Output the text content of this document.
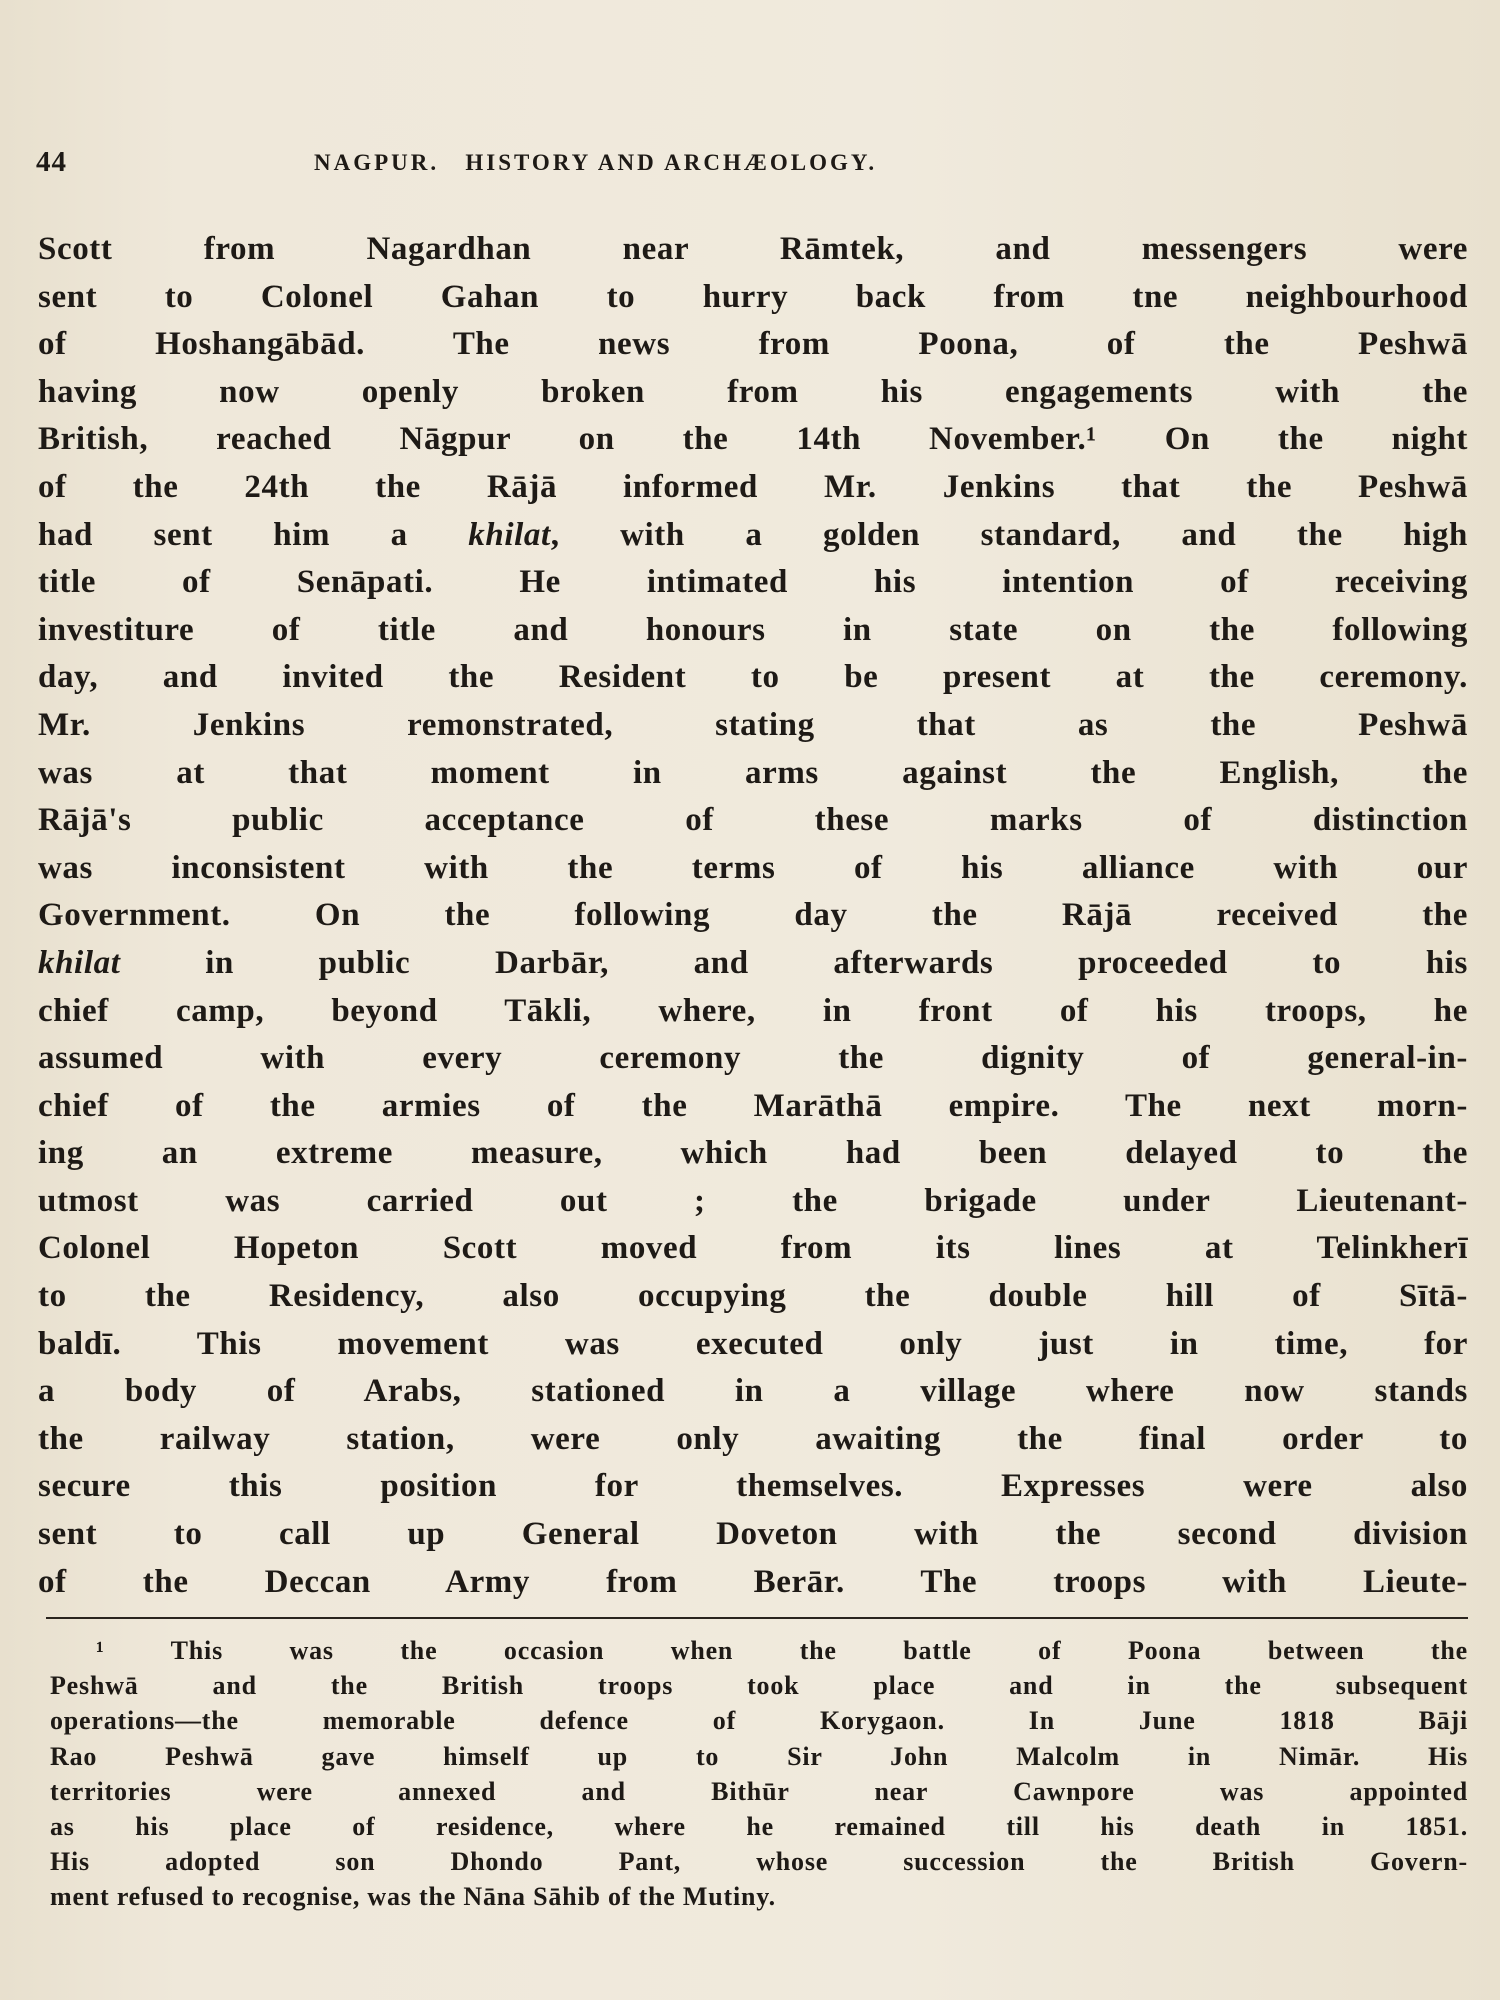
44	NAGPUR.   HISTORY AND ARCHÆOLOGY.
Scott from Nagardhan near Rāmtek, and messengers were
sent to Colonel Gahan to hurry back from tne neighbourhood
of Hoshangābād. The news from Poona, of the Peshwā
having now openly broken from his engagements with the
British, reached Nāgpur on the 14th November.¹ On the night
of the 24th the Rājā informed Mr. Jenkins that the Peshwā
had sent him a khilat, with a golden standard, and the high
title of Senāpati. He intimated his intention of receiving
investiture of title and honours in state on the following
day, and invited the Resident to be present at the ceremony.
Mr. Jenkins remonstrated, stating that as the Peshwā
was at that moment in arms against the English, the
Rājā's public acceptance of these marks of distinction
was inconsistent with the terms of his alliance with our
Government. On the following day the Rājā received the
khilat in public Darbār, and afterwards proceeded to his
chief camp, beyond Tākli, where, in front of his troops, he
assumed with every ceremony the dignity of general-in-
chief of the armies of the Marāthā empire. The next morn-
ing an extreme measure, which had been delayed to the
utmost was carried out ; the brigade under Lieutenant-
Colonel Hopeton Scott moved from its lines at Telinkherī
to the Residency, also occupying the double hill of Sītā-
baldī. This movement was executed only just in time, for
a body of Arabs, stationed in a village where now stands
the railway station, were only awaiting the final order to
secure this position for themselves. Expresses were also
sent to call up General Doveton with the second division
of the Deccan Army from Berār. The troops with Lieute-
¹ This was the occasion when the battle of Poona between the
Peshwā and the British troops took place and in the subsequent
operations—the memorable defence of Korygaon. In June 1818 Bāji
Rao Peshwā gave himself up to Sir John Malcolm in Nimār. His
territories were annexed and Bithūr near Cawnpore was appointed
as his place of residence, where he remained till his death in 1851.
His adopted son Dhondo Pant, whose succession the British Govern-
ment refused to recognise, was the Nāna Sāhib of the Mutiny.
